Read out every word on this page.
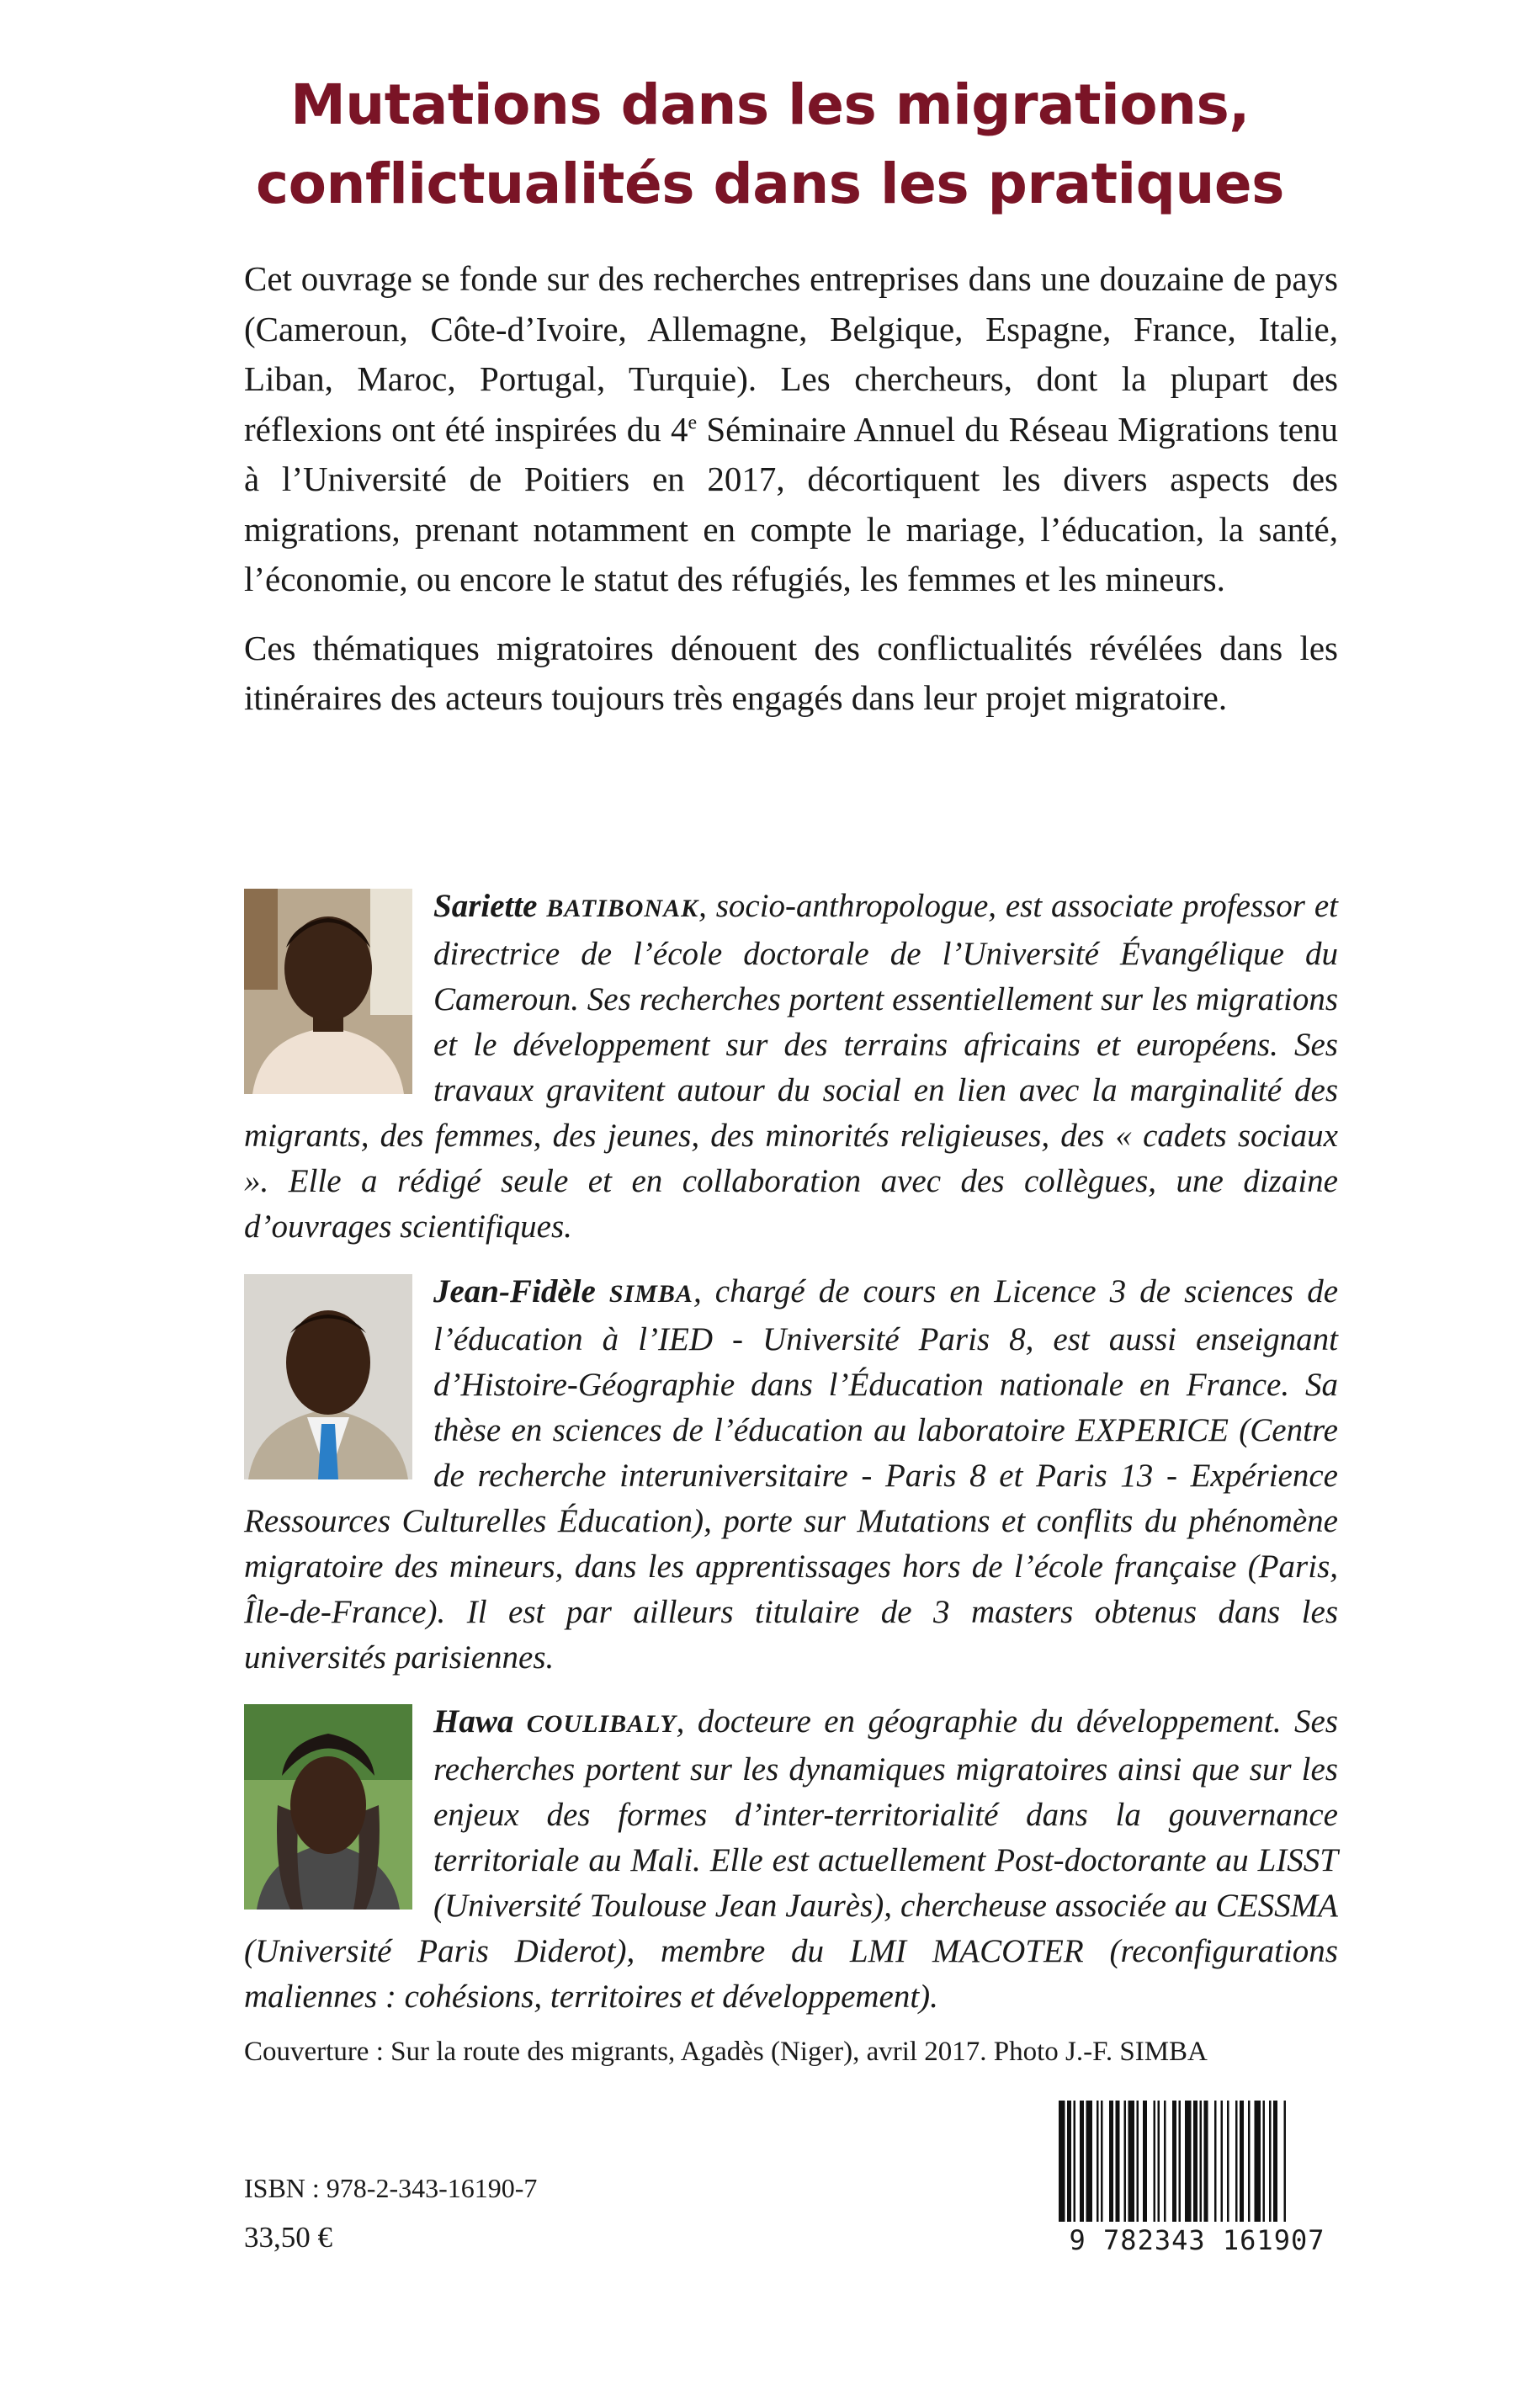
Mutations dans les migrations,
conflictualités dans les pratiques

Cet ouvrage se fonde sur des recherches entreprises dans une douzaine de pays (Cameroun, Côte-d’Ivoire, Allemagne, Belgique, Espagne, France, Italie, Liban, Maroc, Portugal, Turquie). Les chercheurs, dont la plupart des réflexions ont été inspirées du 4e Séminaire Annuel du Réseau Migrations tenu à l’Université de Poitiers en 2017, décortiquent les divers aspects des migrations, prenant notamment en compte le mariage, l’éducation, la santé, l’économie, ou encore le statut des réfugiés, les femmes et les mineurs.

Ces thématiques migratoires dénouent des conflictualités révélées dans les itinéraires des acteurs toujours très engagés dans leur projet migratoire.

Sariette BATIBONAK, socio-anthropologue, est associate professor et directrice de l’école doctorale de l’Université Évangélique du Cameroun. Ses recherches portent essentiellement sur les migrations et le développement sur des terrains africains et européens. Ses travaux gravitent autour du social en lien avec la marginalité des migrants, des femmes, des jeunes, des minorités religieuses, des « cadets sociaux ». Elle a rédigé seule et en collaboration avec des collègues, une dizaine d’ouvrages scientifiques.
Jean-Fidèle SIMBA, chargé de cours en Licence 3 de sciences de l’éducation à l’IED - Université Paris 8, est aussi enseignant d’Histoire-Géographie dans l’Éducation nationale en France. Sa thèse en sciences de l’éducation au laboratoire EXPERICE (Centre de recherche interuniversitaire - Paris 8 et Paris 13 - Expérience Ressources Culturelles Éducation), porte sur Mutations et conflits du phénomène migratoire des mineurs, dans les apprentissages hors de l’école française (Paris, Île-de-France). Il est par ailleurs titulaire de 3 masters obtenus dans les universités parisiennes.
Hawa COULIBALY, docteure en géographie du développement. Ses recherches portent sur les dynamiques migratoires ainsi que sur les enjeux des formes d’inter-territorialité dans la gouvernance territoriale au Mali. Elle est actuellement Post-doctorante au LISST (Université Toulouse Jean Jaurès), chercheuse associée au CESSMA (Université Paris Diderot), membre du LMI MACOTER (reconfigurations maliennes : cohésions, territoires et développement).
Couverture : Sur la route des migrants, Agadès (Niger), avril 2017. Photo J.-F. SIMBA
ISBN : 978-2-343-16190-7
33,50 €	9 782343 161907
